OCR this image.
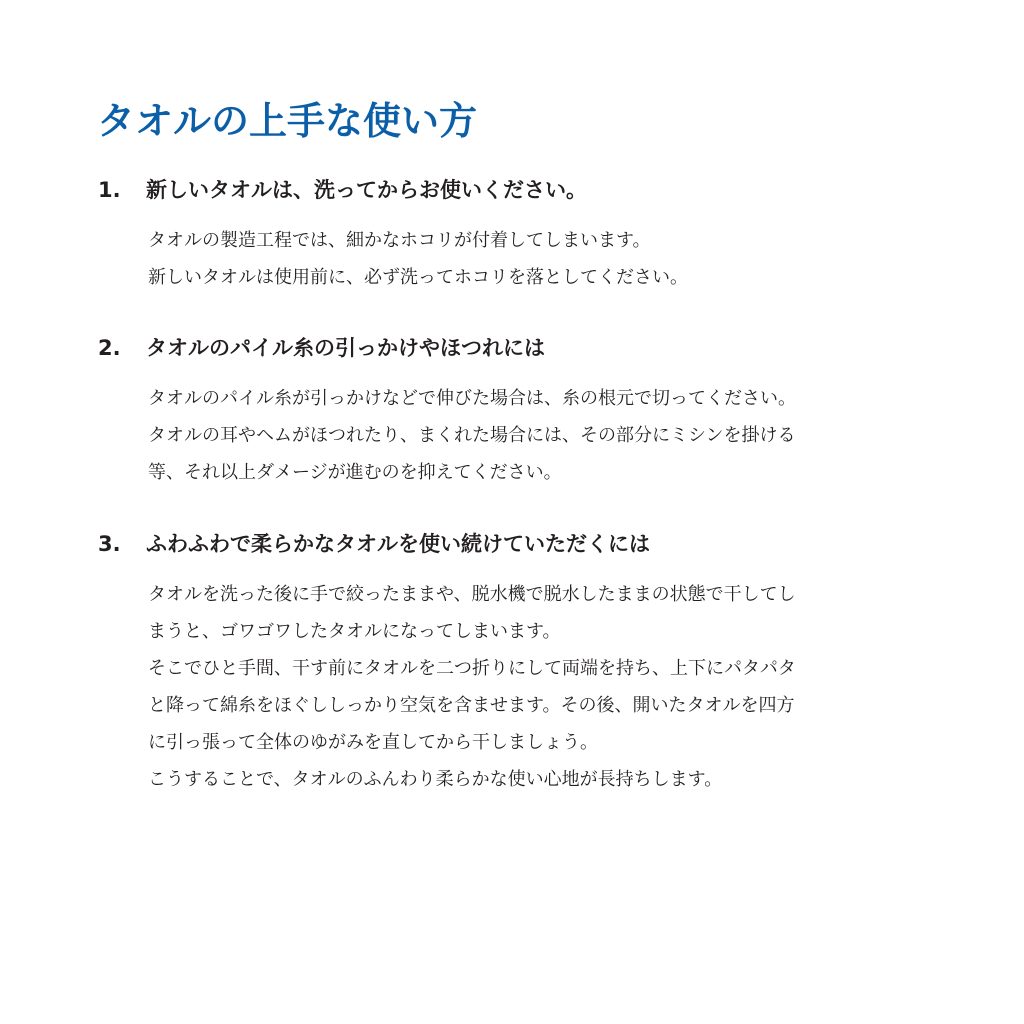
タオルの上手な使い方
1.	新しいタオルは、洗ってからお使いください。
タオルの製造工程では、細かなホコリが付着してしまいます。
新しいタオルは使用前に、必ず洗ってホコリを落としてください。
2.	タオルのパイル糸の引っかけやほつれには
タオルのパイル糸が引っかけなどで伸びた場合は、糸の根元で切ってください。
タオルの耳やヘムがほつれたり、まくれた場合には、その部分にミシンを掛ける
等、それ以上ダメージが進むのを抑えてください。
3.	ふわふわで柔らかなタオルを使い続けていただくには
タオルを洗った後に手で絞ったままや、脱水機で脱水したままの状態で干してし
まうと、ゴワゴワしたタオルになってしまいます。
そこでひと手間、干す前にタオルを二つ折りにして両端を持ち、上下にパタパタ
と降って綿糸をほぐししっかり空気を含ませます。その後、開いたタオルを四方
に引っ張って全体のゆがみを直してから干しましょう。
こうすることで、タオルのふんわり柔らかな使い心地が長持ちします。
